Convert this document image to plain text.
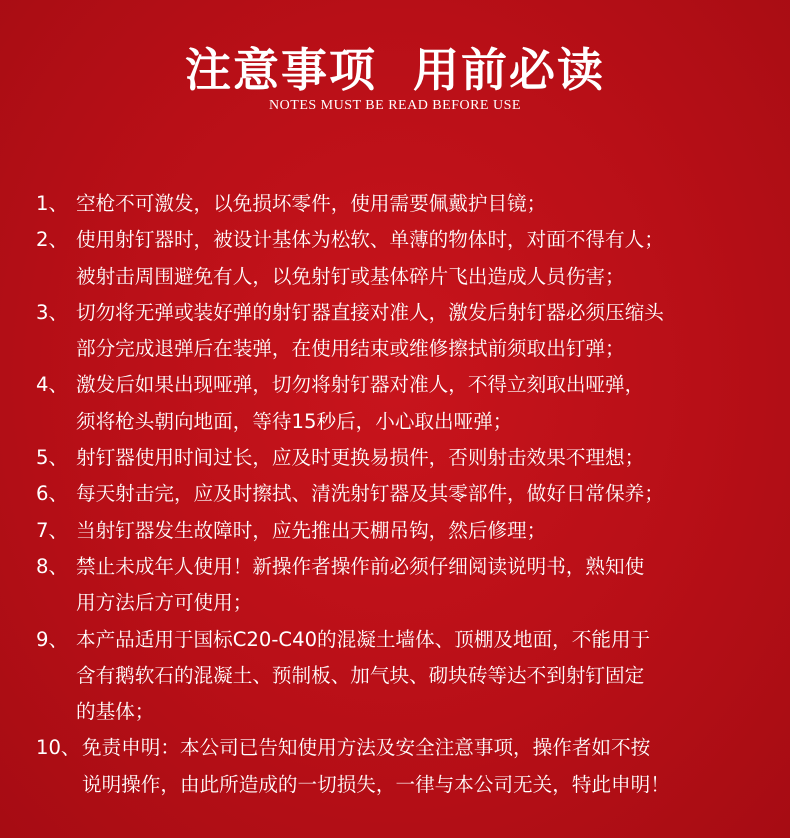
注意事项  用前必读
NOTES MUST BE READ BEFORE USE
1、 空枪不可激发，以免损坏零件，使用需要佩戴护目镜；
2、 使用射钉器时，被设计基体为松软、单薄的物体时，对面不得有人；
被射击周围避免有人，以免射钉或基体碎片飞出造成人员伤害；
3、 切勿将无弹或装好弹的射钉器直接对准人，激发后射钉器必须压缩头
部分完成退弹后在装弹，在使用结束或维修擦拭前须取出钉弹；
4、 激发后如果出现哑弹，切勿将射钉器对准人，不得立刻取出哑弹，
须将枪头朝向地面，等待15秒后，小心取出哑弹；
5、 射钉器使用时间过长，应及时更换易损件，否则射击效果不理想；
6、 每天射击完，应及时擦拭、清洗射钉器及其零部件，做好日常保养；
7、 当射钉器发生故障时，应先推出天棚吊钩，然后修理；
8、 禁止未成年人使用！新操作者操作前必须仔细阅读说明书，熟知使
用方法后方可使用；
9、 本产品适用于国标C20-C40的混凝土墙体、顶棚及地面，不能用于
含有鹅软石的混凝土、预制板、加气块、砌块砖等达不到射钉固定
的基体；
10、 免责申明：本公司已告知使用方法及安全注意事项，操作者如不按
说明操作，由此所造成的一切损失，一律与本公司无关，特此申明！
